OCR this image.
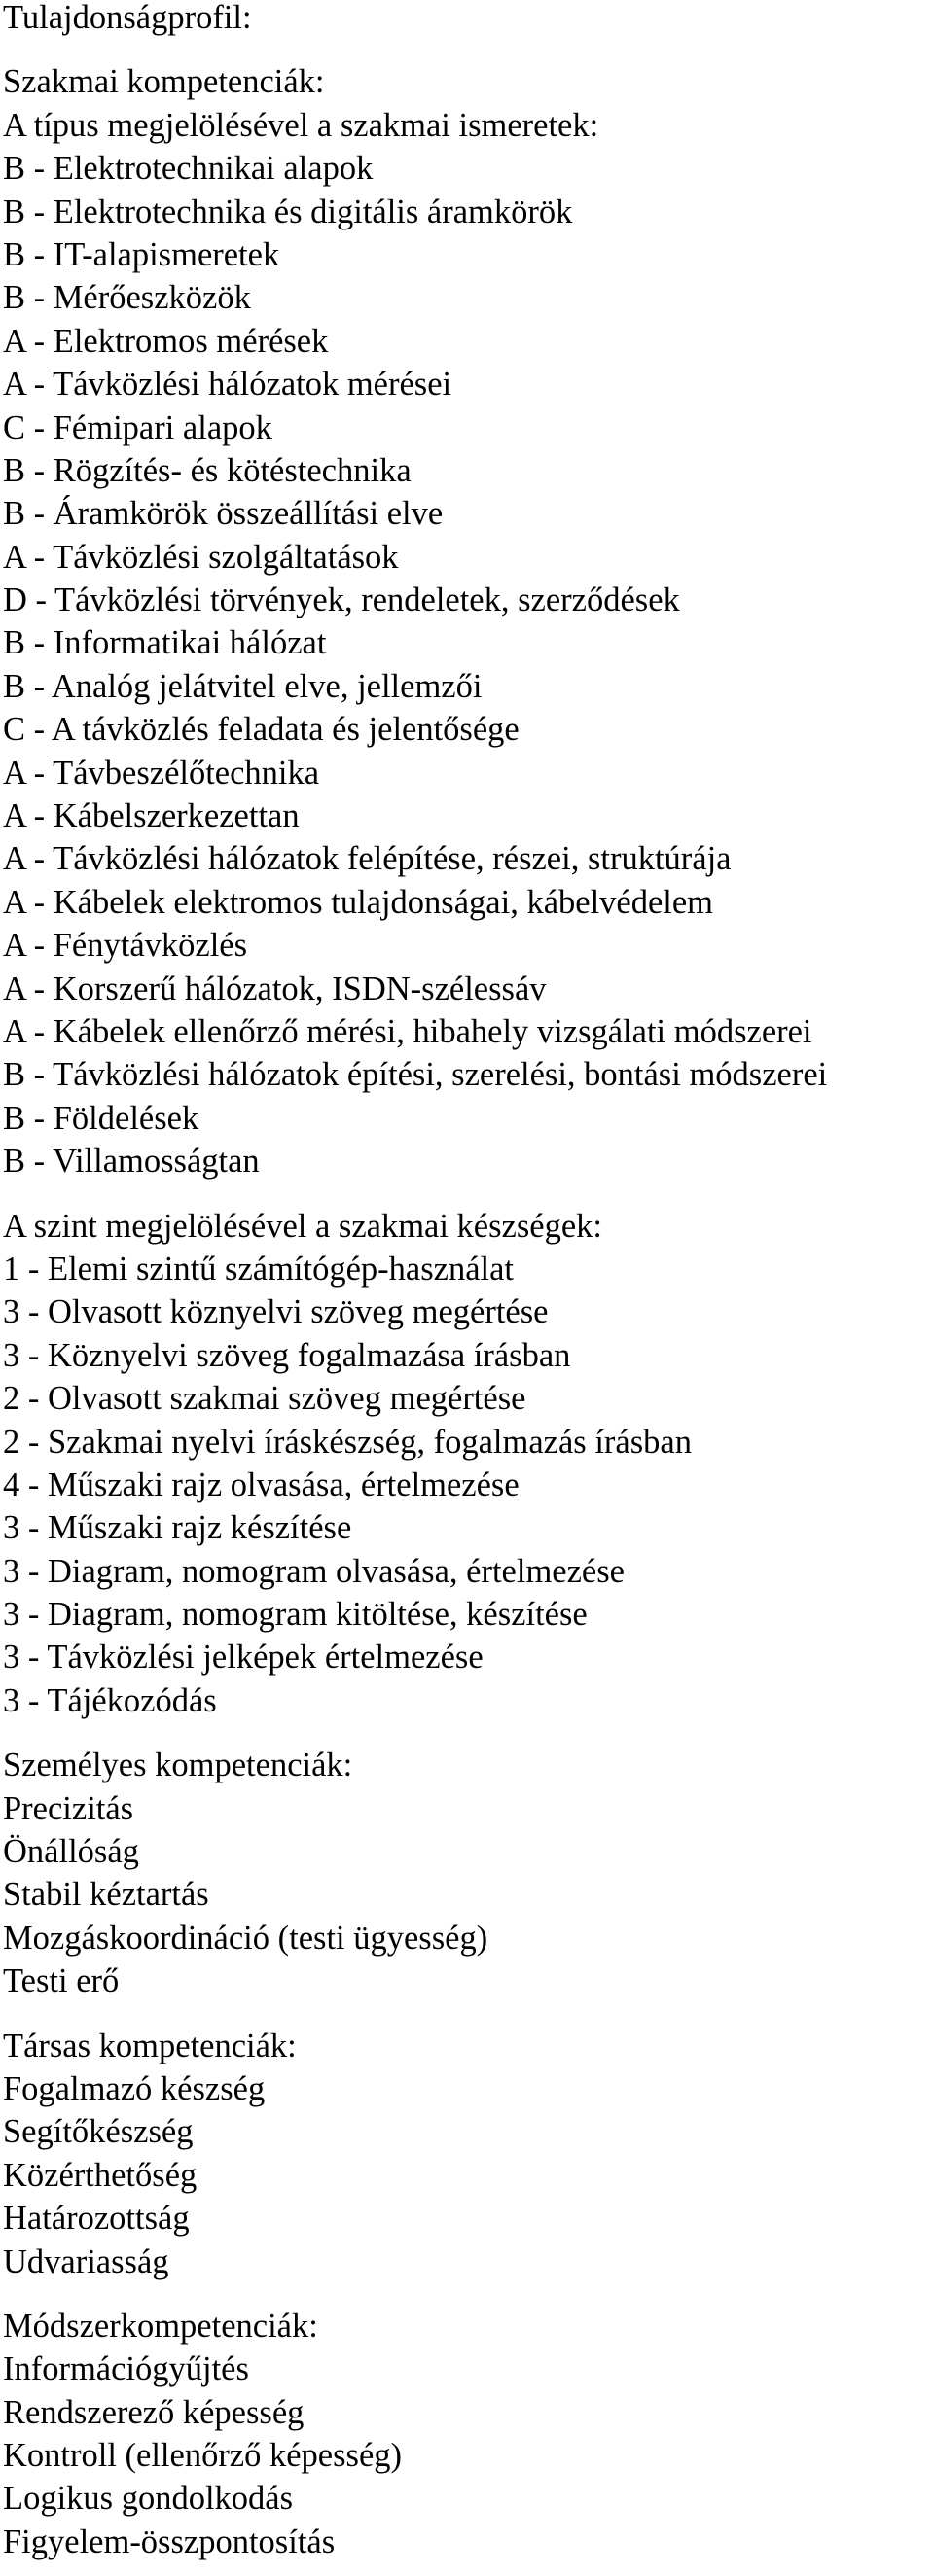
Tulajdonságprofil:
Szakmai kompetenciák:
A típus megjelölésével a szakmai ismeretek:
B - Elektrotechnikai alapok
B - Elektrotechnika és digitális áramkörök
B - IT-alapismeretek
B - Mérőeszközök
A - Elektromos mérések
A - Távközlési hálózatok mérései
C - Fémipari alapok
B - Rögzítés- és kötéstechnika
B - Áramkörök összeállítási elve
A - Távközlési szolgáltatások
D - Távközlési törvények, rendeletek, szerződések
B - Informatikai hálózat
B - Analóg jelátvitel elve, jellemzői
C - A távközlés feladata és jelentősége
A - Távbeszélőtechnika
A - Kábelszerkezettan
A - Távközlési hálózatok felépítése, részei, struktúrája
A - Kábelek elektromos tulajdonságai, kábelvédelem
A - Fénytávközlés
A - Korszerű hálózatok, ISDN-szélessáv
A - Kábelek ellenőrző mérési, hibahely vizsgálati módszerei
B - Távközlési hálózatok építési, szerelési, bontási módszerei
B - Földelések
B - Villamosságtan
A szint megjelölésével a szakmai készségek:
1 - Elemi szintű számítógép-használat
3 - Olvasott köznyelvi szöveg megértése
3 - Köznyelvi szöveg fogalmazása írásban
2 - Olvasott szakmai szöveg megértése
2 - Szakmai nyelvi íráskészség, fogalmazás írásban
4 - Műszaki rajz olvasása, értelmezése
3 - Műszaki rajz készítése
3 - Diagram, nomogram olvasása, értelmezése
3 - Diagram, nomogram kitöltése, készítése
3 - Távközlési jelképek értelmezése
3 - Tájékozódás
Személyes kompetenciák:
Precizitás
Önállóság
Stabil kéztartás
Mozgáskoordináció (testi ügyesség)
Testi erő
Társas kompetenciák:
Fogalmazó készség
Segítőkészség
Közérthetőség
Határozottság
Udvariasság
Módszerkompetenciák:
Információgyűjtés
Rendszerező képesség
Kontroll (ellenőrző képesség)
Logikus gondolkodás
Figyelem-összpontosítás
